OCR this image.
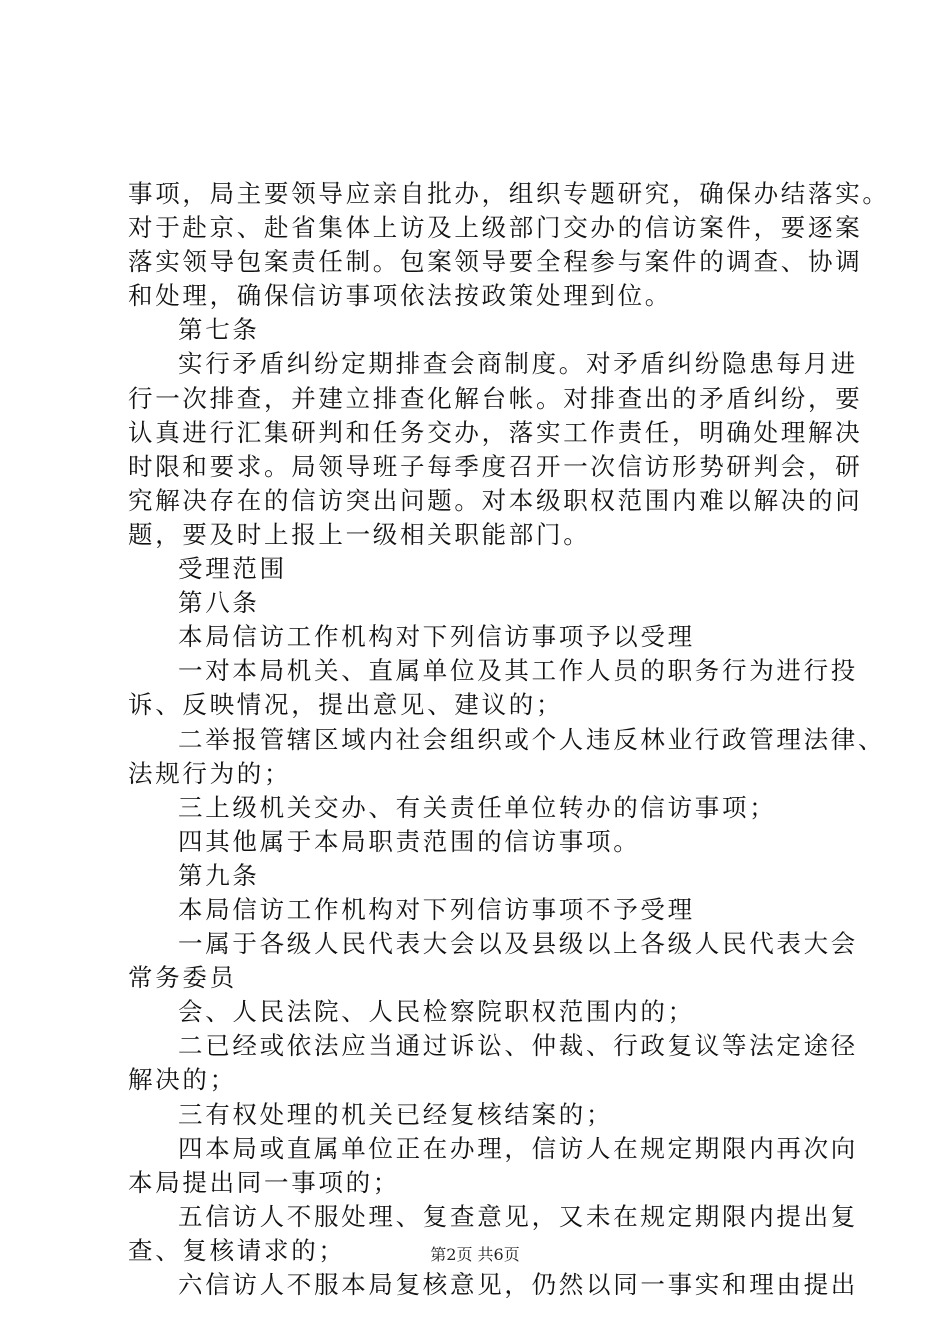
事项，局主要领导应亲自批办，组织专题研究，确保办结落实。
对于赴京、赴省集体上访及上级部门交办的信访案件，要逐案
落实领导包案责任制。包案领导要全程参与案件的调查、协调
和处理，确保信访事项依法按政策处理到位。
第七条
实行矛盾纠纷定期排查会商制度。对矛盾纠纷隐患每月进
行一次排查，并建立排查化解台帐。对排查出的矛盾纠纷，要
认真进行汇集研判和任务交办，落实工作责任，明确处理解决
时限和要求。局领导班子每季度召开一次信访形势研判会，研
究解决存在的信访突出问题。对本级职权范围内难以解决的问
题，要及时上报上一级相关职能部门。
受理范围
第八条
本局信访工作机构对下列信访事项予以受理
一对本局机关、直属单位及其工作人员的职务行为进行投
诉、反映情况，提出意见、建议的；
二举报管辖区域内社会组织或个人违反林业行政管理法律、
法规行为的；
三上级机关交办、有关责任单位转办的信访事项；
四其他属于本局职责范围的信访事项。
第九条
本局信访工作机构对下列信访事项不予受理
一属于各级人民代表大会以及县级以上各级人民代表大会
常务委员
会、人民法院、人民检察院职权范围内的；
二已经或依法应当通过诉讼、仲裁、行政复议等法定途径
解决的；
三有权处理的机关已经复核结案的；
四本局或直属单位正在办理，信访人在规定期限内再次向
本局提出同一事项的；
五信访人不服处理、复查意见，又未在规定期限内提出复
查、复核请求的；
六信访人不服本局复核意见，仍然以同一事实和理由提出
第2页 共6页
